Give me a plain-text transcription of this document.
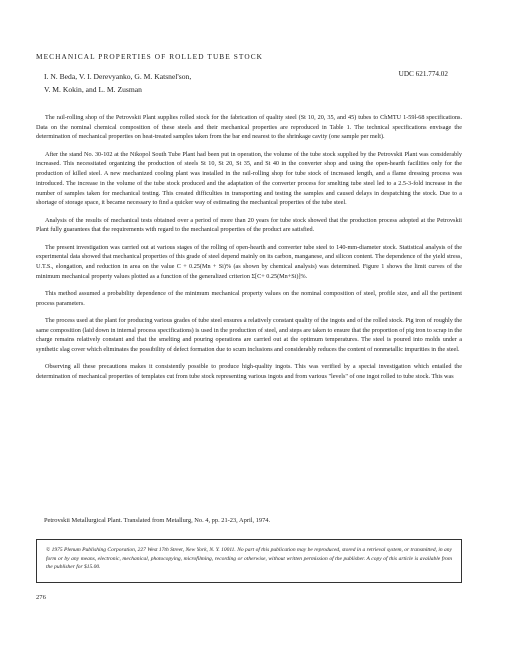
MECHANICAL PROPERTIES OF ROLLED TUBE STOCK
I. N. Beda, V. I. Derevyanko, G. M. Katsnel'son,
V. M. Kokin, and L. M. Zusman
UDC 621.774.02

The rail-rolling shop of the Petrovskii Plant supplies rolled stock for the fabrication of quality steel (St 10, 20, 35, and 45) tubes to ChMTU 1-59l-68 specifications. Data on the nominal chemical composition of these steels and their mechanical properties are reproduced in Table 1. The technical specifications envisage the determination of mechanical properties on heat-treated samples taken from the bar end nearest to the shrinkage cavity (one sample per melt).

After the stand No. 30-102 at the Nikopol South Tube Plant had been put in operation, the volume of the tube stock supplied by the Petrovskii Plant was considerably increased. This necessitated organizing the production of steels St 10, St 20, St 35, and St 40 in the converter shop and using the open-hearth facilities only for the production of killed steel. A new mechanized cooling plant was installed in the rail-rolling shop for tube stock of increased length, and a flame dressing process was introduced. The increase in the volume of the tube stock produced and the adaptation of the converter process for smelting tube steel led to a 2.5-3-fold increase in the number of samples taken for mechanical testing. This created difficulties in transporting and testing the samples and caused delays in despatching the stock. Due to a shortage of storage space, it became necessary to find a quicker way of estimating the mechanical properties of the tube steel.

Analysis of the results of mechanical tests obtained over a period of more than 20 years for tube stock showed that the production process adopted at the Petrovskii Plant fully guarantees that the requirements with regard to the mechanical properties of the product are satisfied.

The present investigation was carried out at various stages of the rolling of open-hearth and converter tube steel to 140-mm-diameter stock. Statistical analysis of the experimental data showed that mechanical properties of this grade of steel depend mainly on its carbon, manganese, and silicon content. The dependence of the yield stress, U.T.S., elongation, and reduction in area on the value C + 0.25(Mn + Si)% (as shown by chemical analysis) was determined. Figure 1 shows the limit curves of the minimum mechanical property values plotted as a function of the generalized criterion Σ[C+ 0.25(Mn+Si)]%.

This method assumed a probability dependence of the minimum mechanical property values on the nominal composition of steel, profile size, and all the pertinent process parameters.

The process used at the plant for producing various grades of tube steel ensures a relatively constant quality of the ingots and of the rolled stock. Pig iron of roughly the same composition (laid down in internal process specifications) is used in the production of steel, and steps are taken to ensure that the proportion of pig iron to scrap in the charge remains relatively constant and that the smelting and pouring operations are carried out at the optimum temperatures. The steel is poured into molds under a synthetic slag cover which eliminates the possibility of defect formation due to scum inclusions and considerably reduces the content of nonmetallic impurities in the steel.

Observing all these precautions makes it consistently possible to produce high-quality ingots. This was verified by a special investigation which entailed the determination of mechanical properties of templates cut from tube stock representing various ingots and from various "levels" of one ingot rolled to tube stock. This was

Petrovskii Metallurgical Plant. Translated from Metallurg, No. 4, pp. 21-23, April, 1974.
© 1975 Plenum Publishing Corporation, 227 West 17th Street, New York, N. Y. 10011. No part of this publication may be reproduced, stored in a retrieval system, or transmitted, in any form or by any means, electronic, mechanical, photocopying, microfilming, recording or otherwise, without written permission of the publisher. A copy of this article is available from the publisher for $15.00.
276
